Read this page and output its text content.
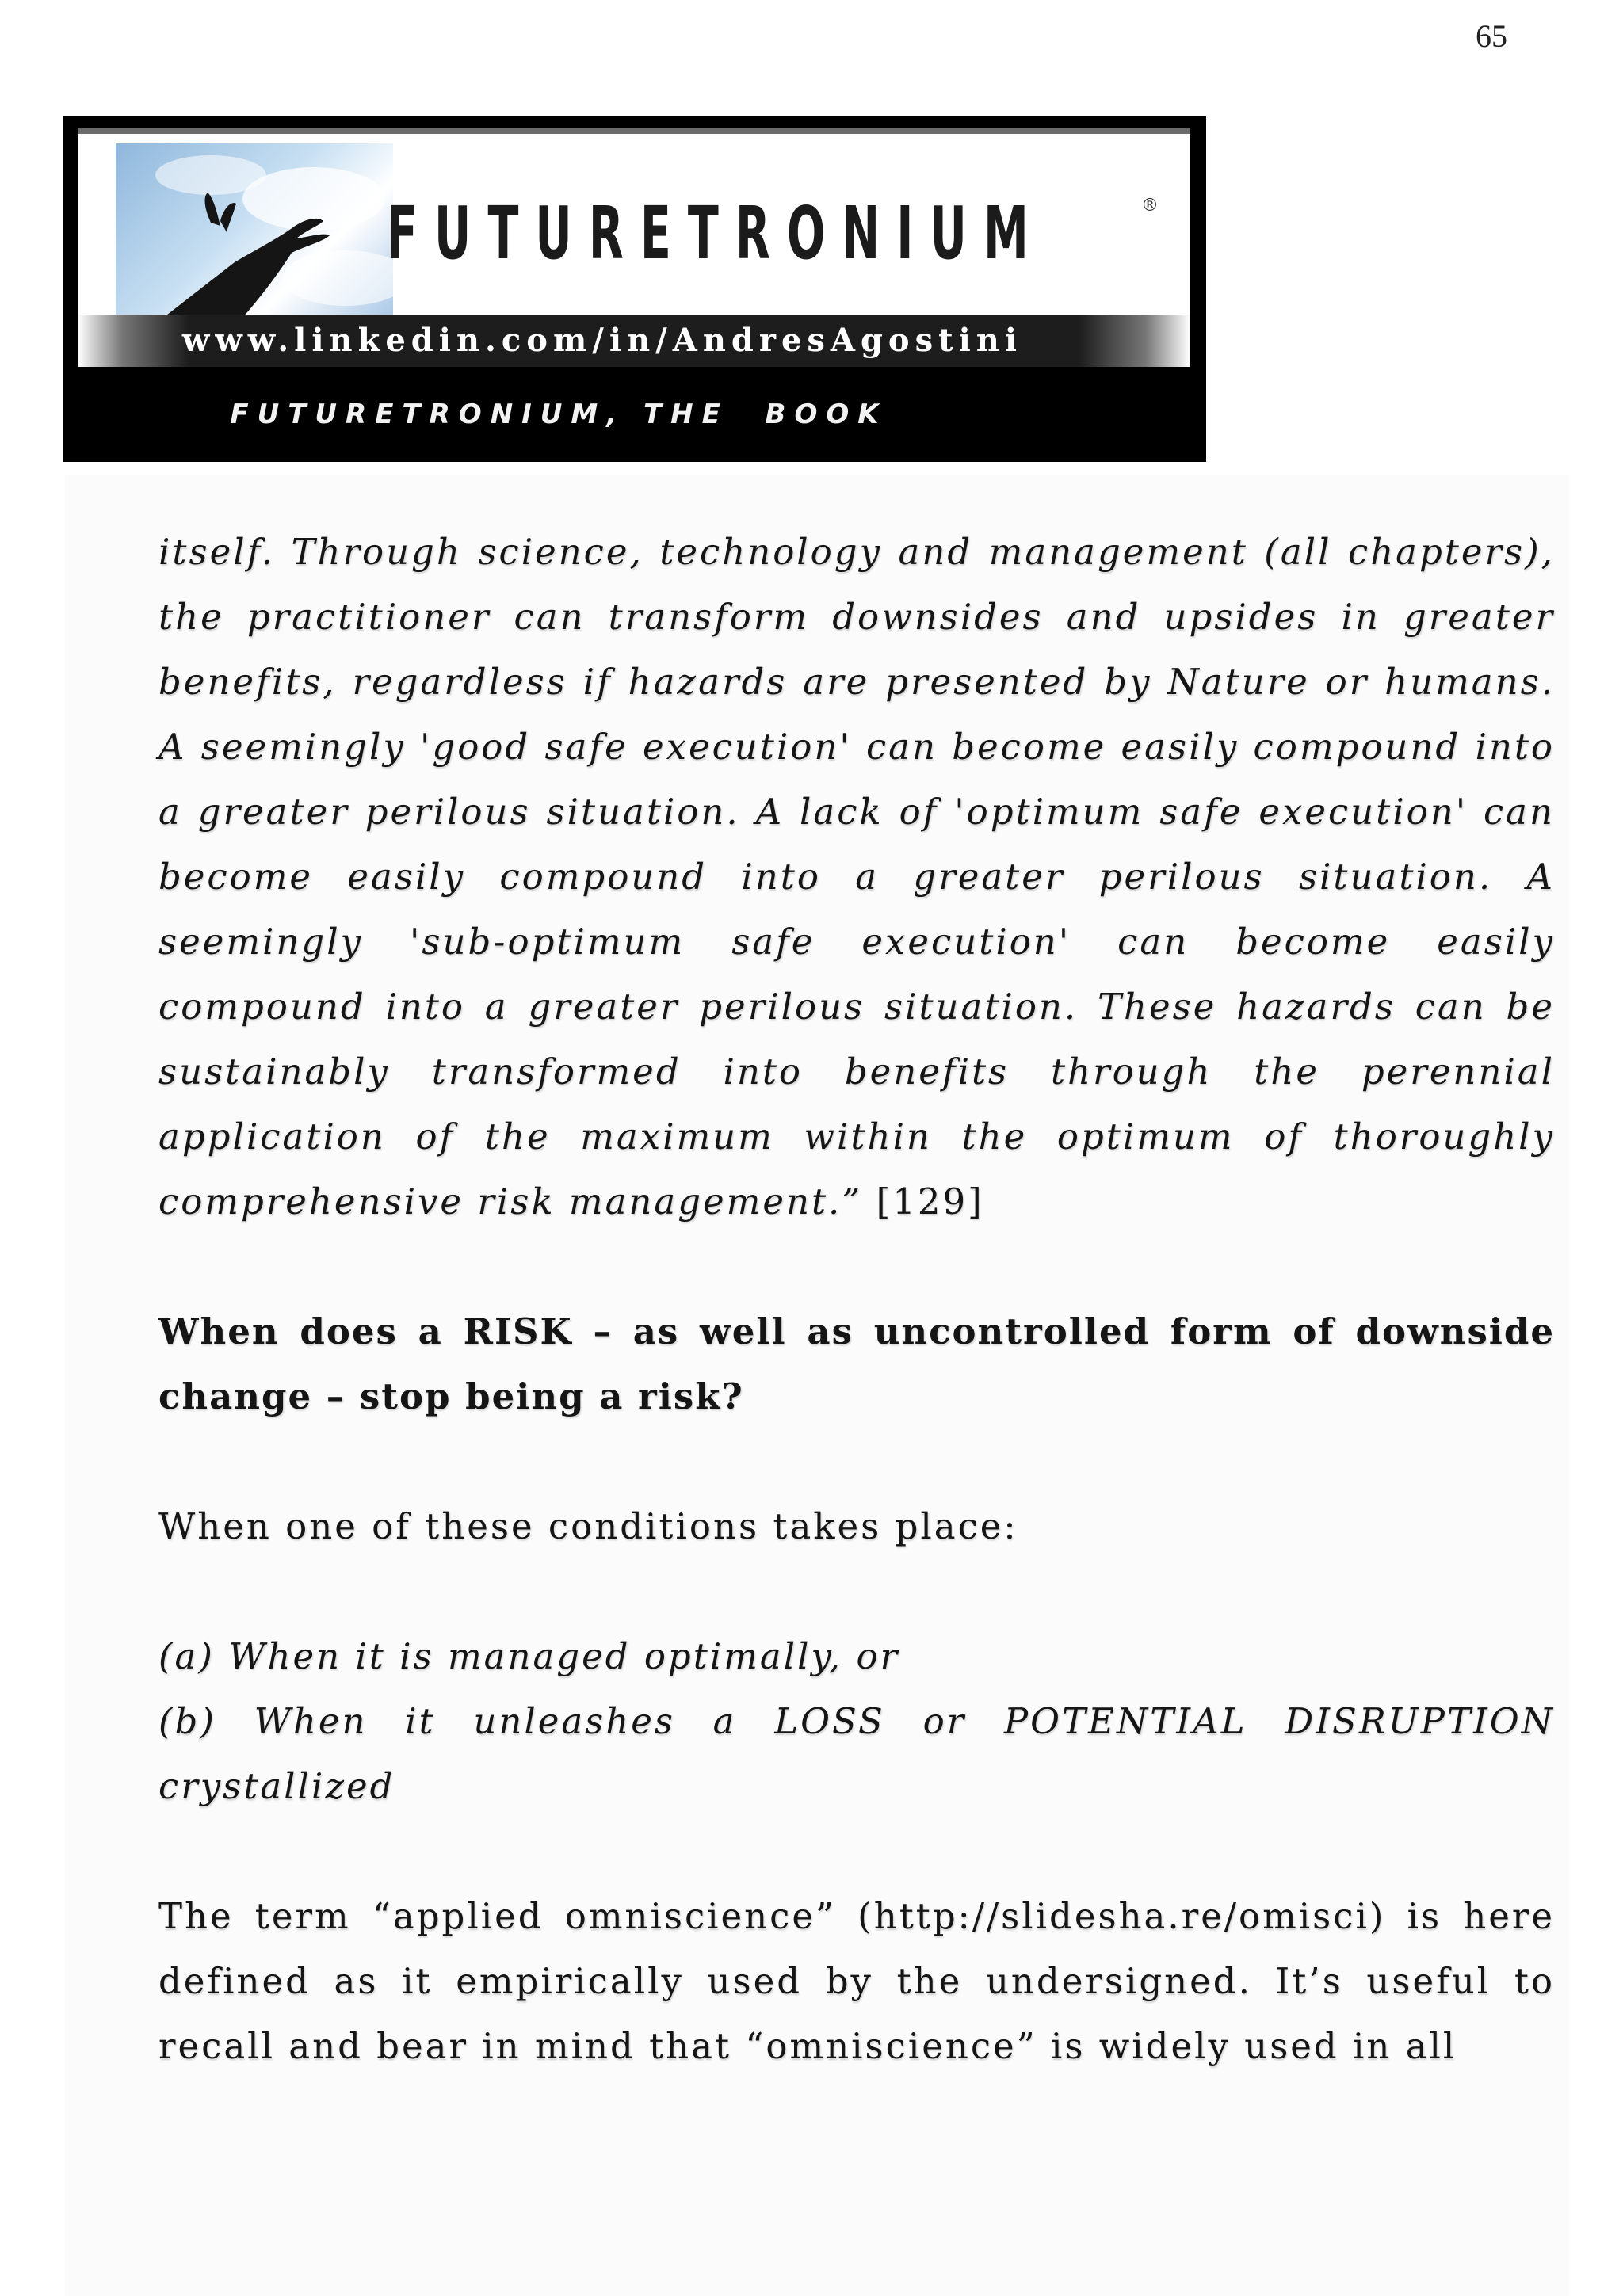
65
FUTURETRONIUM	®
www.linkedin.com/in/AndresAgostini
FUTURETRONIUM, THE  BOOK

itself. Through science, technology and management (all chapters), the practitioner can transform downsides and upsides in greater benefits, regardless if hazards are presented by Nature or humans. A seemingly 'good safe execution' can become easily compound into a greater perilous situation. A lack of 'optimum safe execution' can become easily compound into a greater perilous situation. A seemingly 'sub-optimum safe execution' can become easily compound into a greater perilous situation. These hazards can be sustainably transformed into benefits through the perennial application of the maximum within the optimum of thoroughly comprehensive risk management.” [129]

When does a RISK – as well as uncontrolled form of downside change – stop being a risk?

When one of these conditions takes place:

(a) When it is managed optimally, or

(b) When it unleashes a LOSS or POTENTIAL DISRUPTION crystallized

The term “applied omniscience” (http://slidesha.re/omisci) is here defined as it empirically used by the undersigned. It’s useful to recall and bear in mind that “omniscience” is widely used in all
